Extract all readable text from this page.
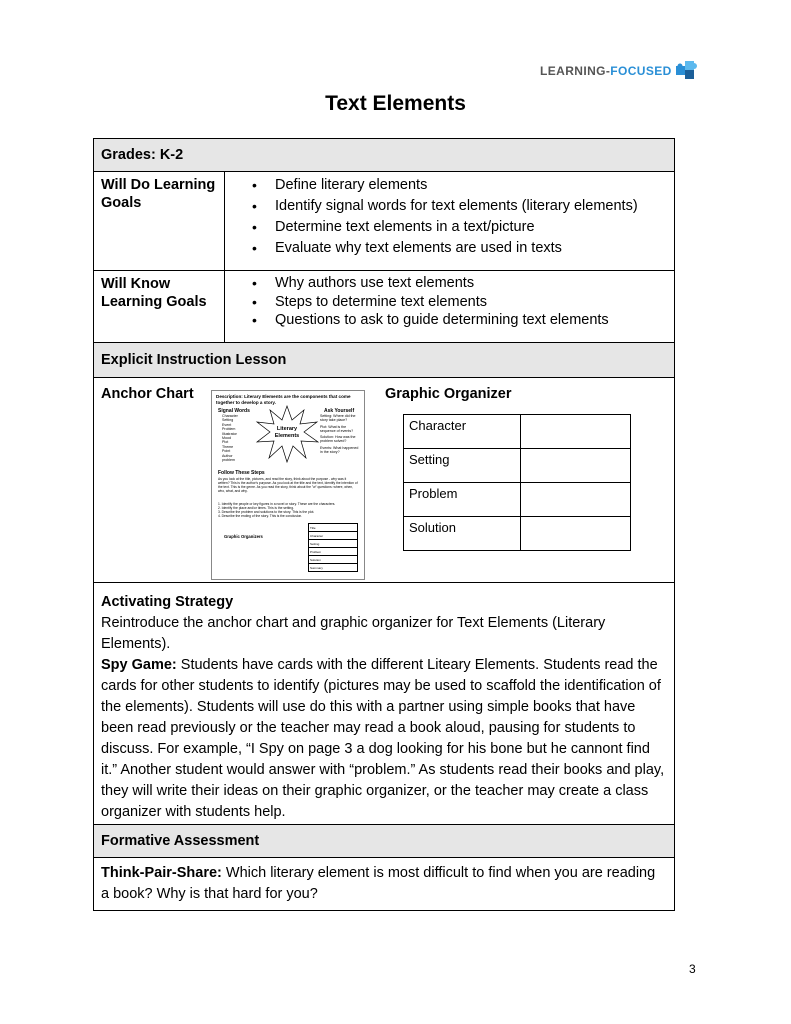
LEARNING-FOCUSED
Text Elements
Grades: K-2
Will Do Learning Goals
• Define literary elements
• Identify signal words for text elements (literary elements)
• Determine text elements in a text/picture
• Evaluate why text elements are used in texts
Will Know Learning Goals
• Why authors use text elements
• Steps to determine text elements
• Questions to ask to guide determining text elements
Explicit Instruction Lesson
Anchor Chart	Description: Literary Elements are the components that come together to develop a story.
Signal Words
Character
Setting
Event
Problem
Illustrator
Mood
Plot
Theme
Point
Author
problem
Literary Elements
Ask Yourself
Setting: Where did the story take place?
Plot: What is the sequence of events?
Solution: How was the problem solved?
Events: What happened in the story?
Follow These Steps
As you look at the title, pictures, and read the story, think about the purpose - why was it written? This is the author's purpose. As you look at the title and the text, identify the intention of the text. This is the genre. As you read the story, think about the "w" questions: where, when, who, what, and why.
1. Identify the people or key figures in a novel or story. These are the characters.
2. Identify the place and/or times. This is the setting.
3. Describe the problem and solutions to the story. This is the plot.
4. Describe the ending of the story. This is the conclusion.
Graphic Organizers
Title
Character
Setting
Problem
Solution
Summary
Graphic Organizer
Character	
Setting	
Problem	
Solution	
Activating Strategy
Reintroduce the anchor chart and graphic organizer for Text Elements (Literary Elements).
Spy Game: Students have cards with the different Liteary Elements. Students read the cards for other students to identify (pictures may be used to scaffold the identification of the elements). Students will use do this with a partner using simple books that have been read previously or the teacher may read a book aloud, pausing for students to discuss. For example, “I Spy on page 3 a dog looking for his bone but he cannont find it.” Another student would answer with “problem.” As students read their books and play, they will write their ideas on their graphic organizer, or the teacher may create a class organizer with students help.
Formative Assessment
Think-Pair-Share: Which literary element is most difficult to find when you are reading a book? Why is that hard for you?
3
